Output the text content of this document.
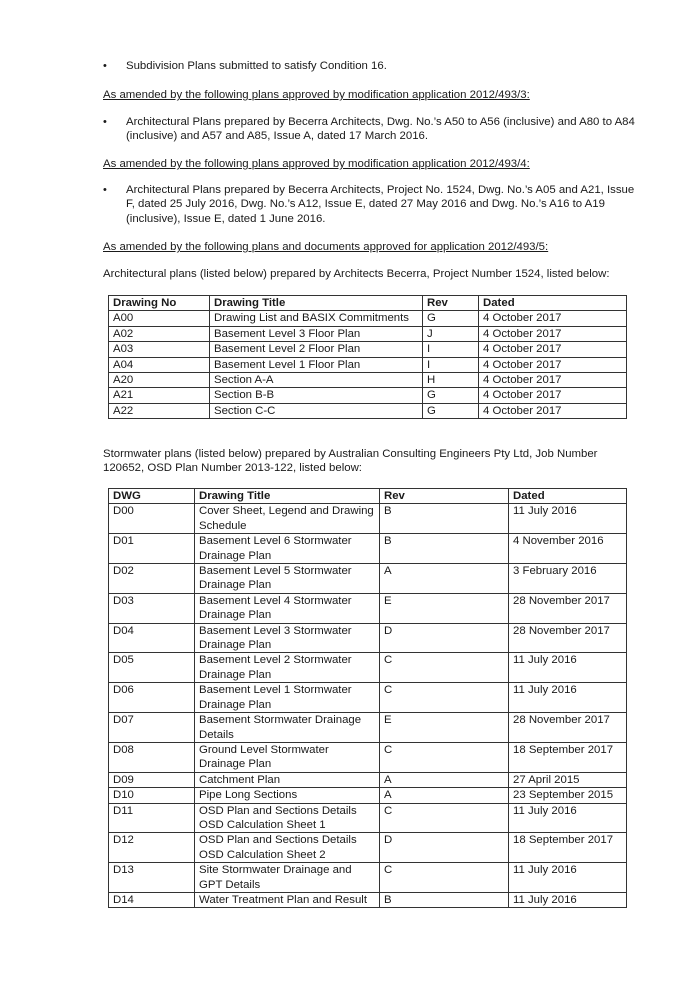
• Subdivision Plans submitted to satisfy Condition 16.
As amended by the following plans approved by modification application 2012/493/3:
• Architectural Plans prepared by Becerra Architects, Dwg. No.’s A50 to A56 (inclusive) and A80 to A84 (inclusive) and A57 and A85, Issue A, dated 17 March 2016.
As amended by the following plans approved by modification application 2012/493/4:
• Architectural Plans prepared by Becerra Architects, Project No. 1524, Dwg. No.’s A05 and A21, Issue F, dated 25 July 2016, Dwg. No.’s A12, Issue E, dated 27 May 2016 and Dwg. No.’s A16 to A19 (inclusive), Issue E, dated 1 June 2016.
As amended by the following plans and documents approved for application 2012/493/5:
Architectural plans (listed below) prepared by Architects Becerra, Project Number 1524, listed below:
Drawing No	Drawing Title	Rev	Dated
A00	Drawing List and BASIX Commitments	G	4 October 2017
A02	Basement Level 3 Floor Plan	J	4 October 2017
A03	Basement Level 2 Floor Plan	I	4 October 2017
A04	Basement Level 1 Floor Plan	I	4 October 2017
A20	Section A-A	H	4 October 2017
A21	Section B-B	G	4 October 2017
A22	Section C-C	G	4 October 2017
Stormwater plans (listed below) prepared by Australian Consulting Engineers Pty Ltd, Job Number 120652, OSD Plan Number 2013-122, listed below:
DWG	Drawing Title	Rev	Dated
D00	Cover Sheet, Legend and Drawing Schedule	B	11 July 2016
D01	Basement Level 6 Stormwater Drainage Plan	B	4 November 2016
D02	Basement Level 5 Stormwater Drainage Plan	A	3 February 2016
D03	Basement Level 4 Stormwater Drainage Plan	E	28 November 2017
D04	Basement Level 3 Stormwater Drainage Plan	D	28 November 2017
D05	Basement Level 2 Stormwater Drainage Plan	C	11 July 2016
D06	Basement Level 1 Stormwater Drainage Plan	C	11 July 2016
D07	Basement Stormwater Drainage Details	E	28 November 2017
D08	Ground Level Stormwater Drainage Plan	C	18 September 2017
D09	Catchment Plan	A	27 April 2015
D10	Pipe Long Sections	A	23 September 2015
D11	OSD Plan and Sections Details OSD Calculation Sheet 1	C	11 July 2016
D12	OSD Plan and Sections Details OSD Calculation Sheet 2	D	18 September 2017
D13	Site Stormwater Drainage and GPT Details	C	11 July 2016
D14	Water Treatment Plan and Result	B	11 July 2016
